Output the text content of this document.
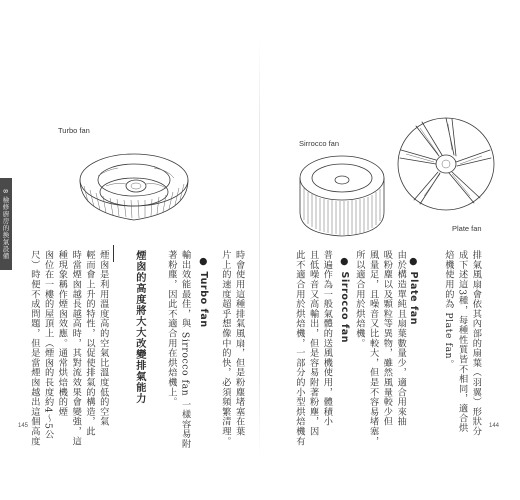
8 檢修廚房的換氣設備
Turbo fan
Sirrocco fan
Plate fan
排氣風扇會依其內部的扇葉（羽翼）形狀分
成下述這3種，每種性質皆不相同，適合烘
焙機使用的為 Plate fan。
● Plate fan
由於構造單純且扇葉數量少，適合用來抽
吸粉塵以及顆粒等異物，雖然風量較少但
風量足，且噪音又比較大，但是不容易堵塞，
所以適合用於烘焙機。
● Sirrocco fan
普遍作為一般氣體的送風機使用，體積小
且低噪音又高輸出，但是容易附著粉塵，因
此不適合用於烘焙機，一部分的小型烘焙機有
時會使用這種排氣風扇，但是粉塵堵塞在葉
片上的速度超乎想像中的快，必須頻繁清理。
● Turbo fan
輸出效能最佳，與 Sirrocco fan 一樣容易附
著粉塵，因此不適合用在烘焙機上。
煙囪的高度將大大改變排氣能力
煙囪是利用溫度高的空氣比溫度低的空氣
輕而會上升的特性，以促使排氣的構造，此
時當煙囪越長越高時，其對流效果會變強，這
種現象稱作煙囪效應。通常烘焙機的煙
囪位在一樓的屋頂上（煙囪的長度約4～5公
尺）時便不成問題，但是當煙囪越出這個高度
145	144
